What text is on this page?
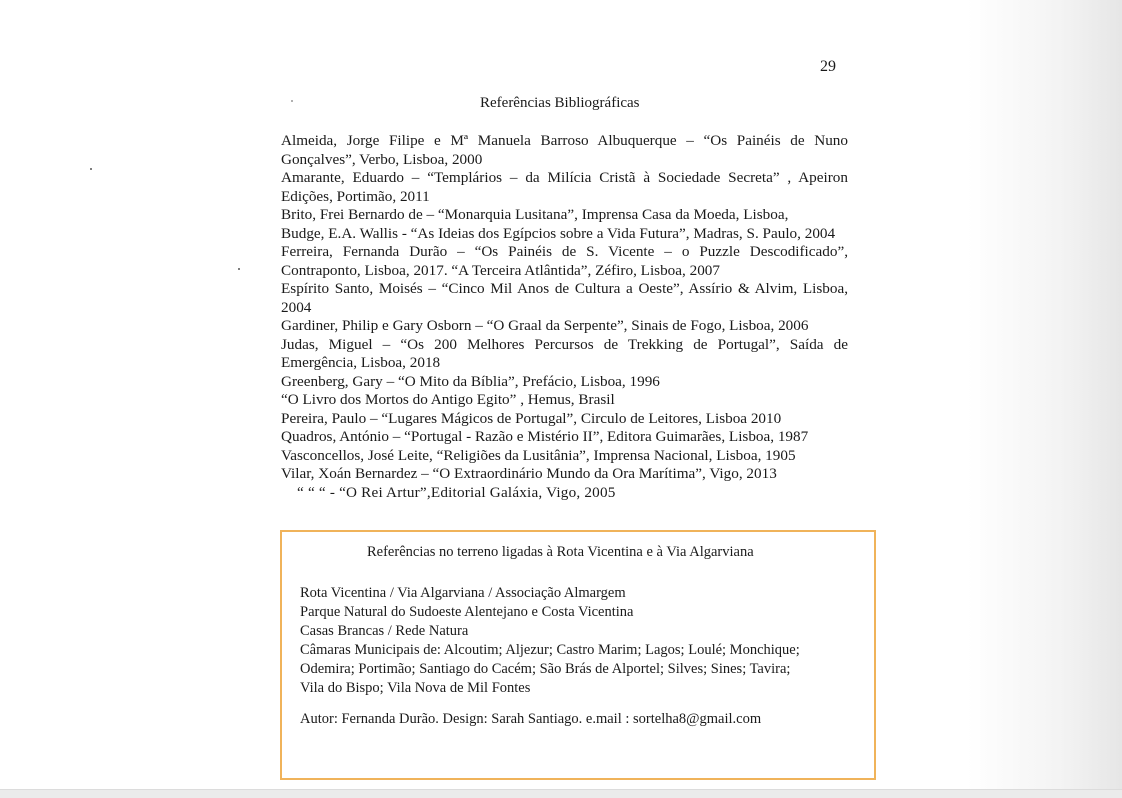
29
Referências Bibliográficas

Almeida, Jorge Filipe e Mª Manuela Barroso Albuquerque – “Os Painéis de Nuno Gonçalves”, Verbo, Lisboa, 2000

Amarante, Eduardo – “Templários – da Milícia Cristã à Sociedade Secreta” , Apeiron Edições, Portimão, 2011

Brito, Frei Bernardo de – “Monarquia Lusitana”, Imprensa Casa da Moeda, Lisboa,

Budge, E.A. Wallis - “As Ideias dos Egípcios sobre a Vida Futura”, Madras, S. Paulo, 2004

Ferreira, Fernanda Durão – “Os Painéis de S. Vicente – o Puzzle Descodificado”, Contraponto, Lisboa, 2017. “A Terceira Atlântida”, Zéfiro, Lisboa, 2007

Espírito Santo, Moisés – “Cinco Mil Anos de Cultura a Oeste”, Assírio & Alvim, Lisboa, 2004

Gardiner, Philip e Gary Osborn – “O Graal da Serpente”, Sinais de Fogo, Lisboa, 2006

Judas, Miguel – “Os 200 Melhores Percursos de Trekking de Portugal”, Saída de Emergência, Lisboa, 2018

Greenberg, Gary – “O Mito da Bíblia”, Prefácio, Lisboa, 1996

“O Livro dos Mortos do Antigo Egito” , Hemus, Brasil

Pereira, Paulo – “Lugares Mágicos de Portugal”, Circulo de Leitores, Lisboa 2010

Quadros, António – “Portugal - Razão e Mistério II”, Editora Guimarães, Lisboa, 1987

Vasconcellos, José Leite, “Religiões da Lusitânia”, Imprensa Nacional, Lisboa, 1905

Vilar, Xoán Bernardez – “O Extraordinário Mundo da Ora Marítima”, Vigo, 2013

“ “ “ - “O Rei Artur”,Editorial Galáxia, Vigo, 2005

Referências no terreno ligadas à Rota Vicentina e à Via Algarviana

Rota Vicentina / Via Algarviana / Associação Almargem

Parque Natural do Sudoeste Alentejano e Costa Vicentina

Casas Brancas / Rede Natura

Câmaras Municipais de: Alcoutim; Aljezur; Castro Marim; Lagos; Loulé; Monchique;

Odemira; Portimão; Santiago do Cacém; São Brás de Alportel; Silves; Sines; Tavira;

Vila do Bispo; Vila Nova de Mil Fontes

Autor: Fernanda Durão. Design: Sarah Santiago. e.mail : sortelha8@gmail.com
